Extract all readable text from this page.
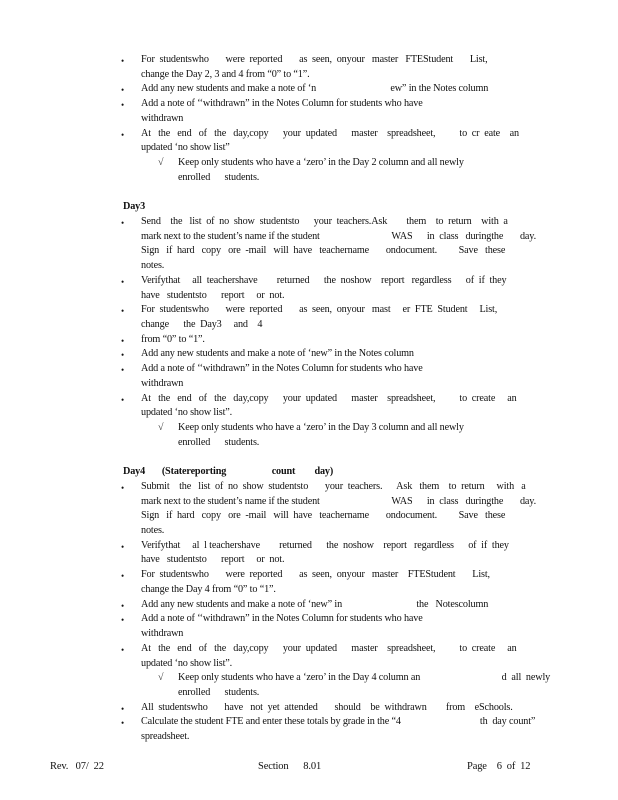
• For  studentswho       were  reported       as  seen,  onyour   master   FTEStudent       List,
change the Day 2, 3 and 4 from “0” to “1”.
• Add any new students and make a note of ‘n                               ew” in the Notes column
• Add a note of ‘‘withdrawn” in the Notes Column for students who have
withdrawn
• At   the   end   of   the   day,copy      your  updated      master    spreadsheet,          to  cr  eate    an
updated ‘no show list”
√ Keep only students who have a ‘zero’ in the Day 2 column and all newly
enrolled      students.
Day3
• Send    the   list  of  no  show  studentsto      your  teachers.Ask        them    to  return    with  a
mark next to the student’s name if the student                              WAS      in  class   duringthe       day.
Sign   if  hard   copy   ore  -mail   will  have   teachername       ondocument.         Save   these
notes.
• Verifythat     all  teachershave        returned      the  noshow    report   regardless      of  if  they
have   studentsto      report     or  not.
• For  studentswho       were  reported       as  seen,  onyour   mast     er  FTE  Student     List,
change      the  Day3     and    4
• from “0” to “1”.
• Add any new students and make a note of ‘new” in the Notes column
• Add a note of ‘‘withdrawn” in the Notes Column for students who have
withdrawn
• At   the   end   of   the   day,copy      your  updated      master    spreadsheet,          to  create     an
updated ‘no show list”.
√ Keep only students who have a ‘zero’ in the Day 3 column and all newly
enrolled      students.
Day4       (Statereporting                   count        day)
• Submit    the   list  of  no  show  studentsto       your  teachers.      Ask   them    to  return     with   a
mark next to the student’s name if the student                              WAS      in  class   duringthe       day.
Sign   if  hard   copy   ore  -mail   will  have   teachername       ondocument.         Save   these
notes.
• Verifythat     al  l teachershave        returned      the  noshow    report   regardless      of  if  they
have   studentsto      report     or  not.
• For  studentswho       were  reported       as  seen,  onyour   master    FTEStudent       List,
change the Day 4 from “0” to “1”.
• Add any new students and make a note of ‘new” in                               the   Notescolumn
• Add a note of ‘‘withdrawn” in the Notes Column for students who have
withdrawn
• At   the   end   of   the   day,copy      your  updated      master    spreadsheet,          to  create     an
updated ‘no show list”.
√ Keep only students who have a ‘zero’ in the Day 4 column an                                  d  all  newly
enrolled      students.
• All  studentswho       have   not  yet  attended       should    be  withdrawn        from    eSchools.
• Calculate the student FTE and enter these totals by grade in the “4                                 th  day count”
spreadsheet.
Rev.   07/  22	Section      8.01	Page    6  of  12
